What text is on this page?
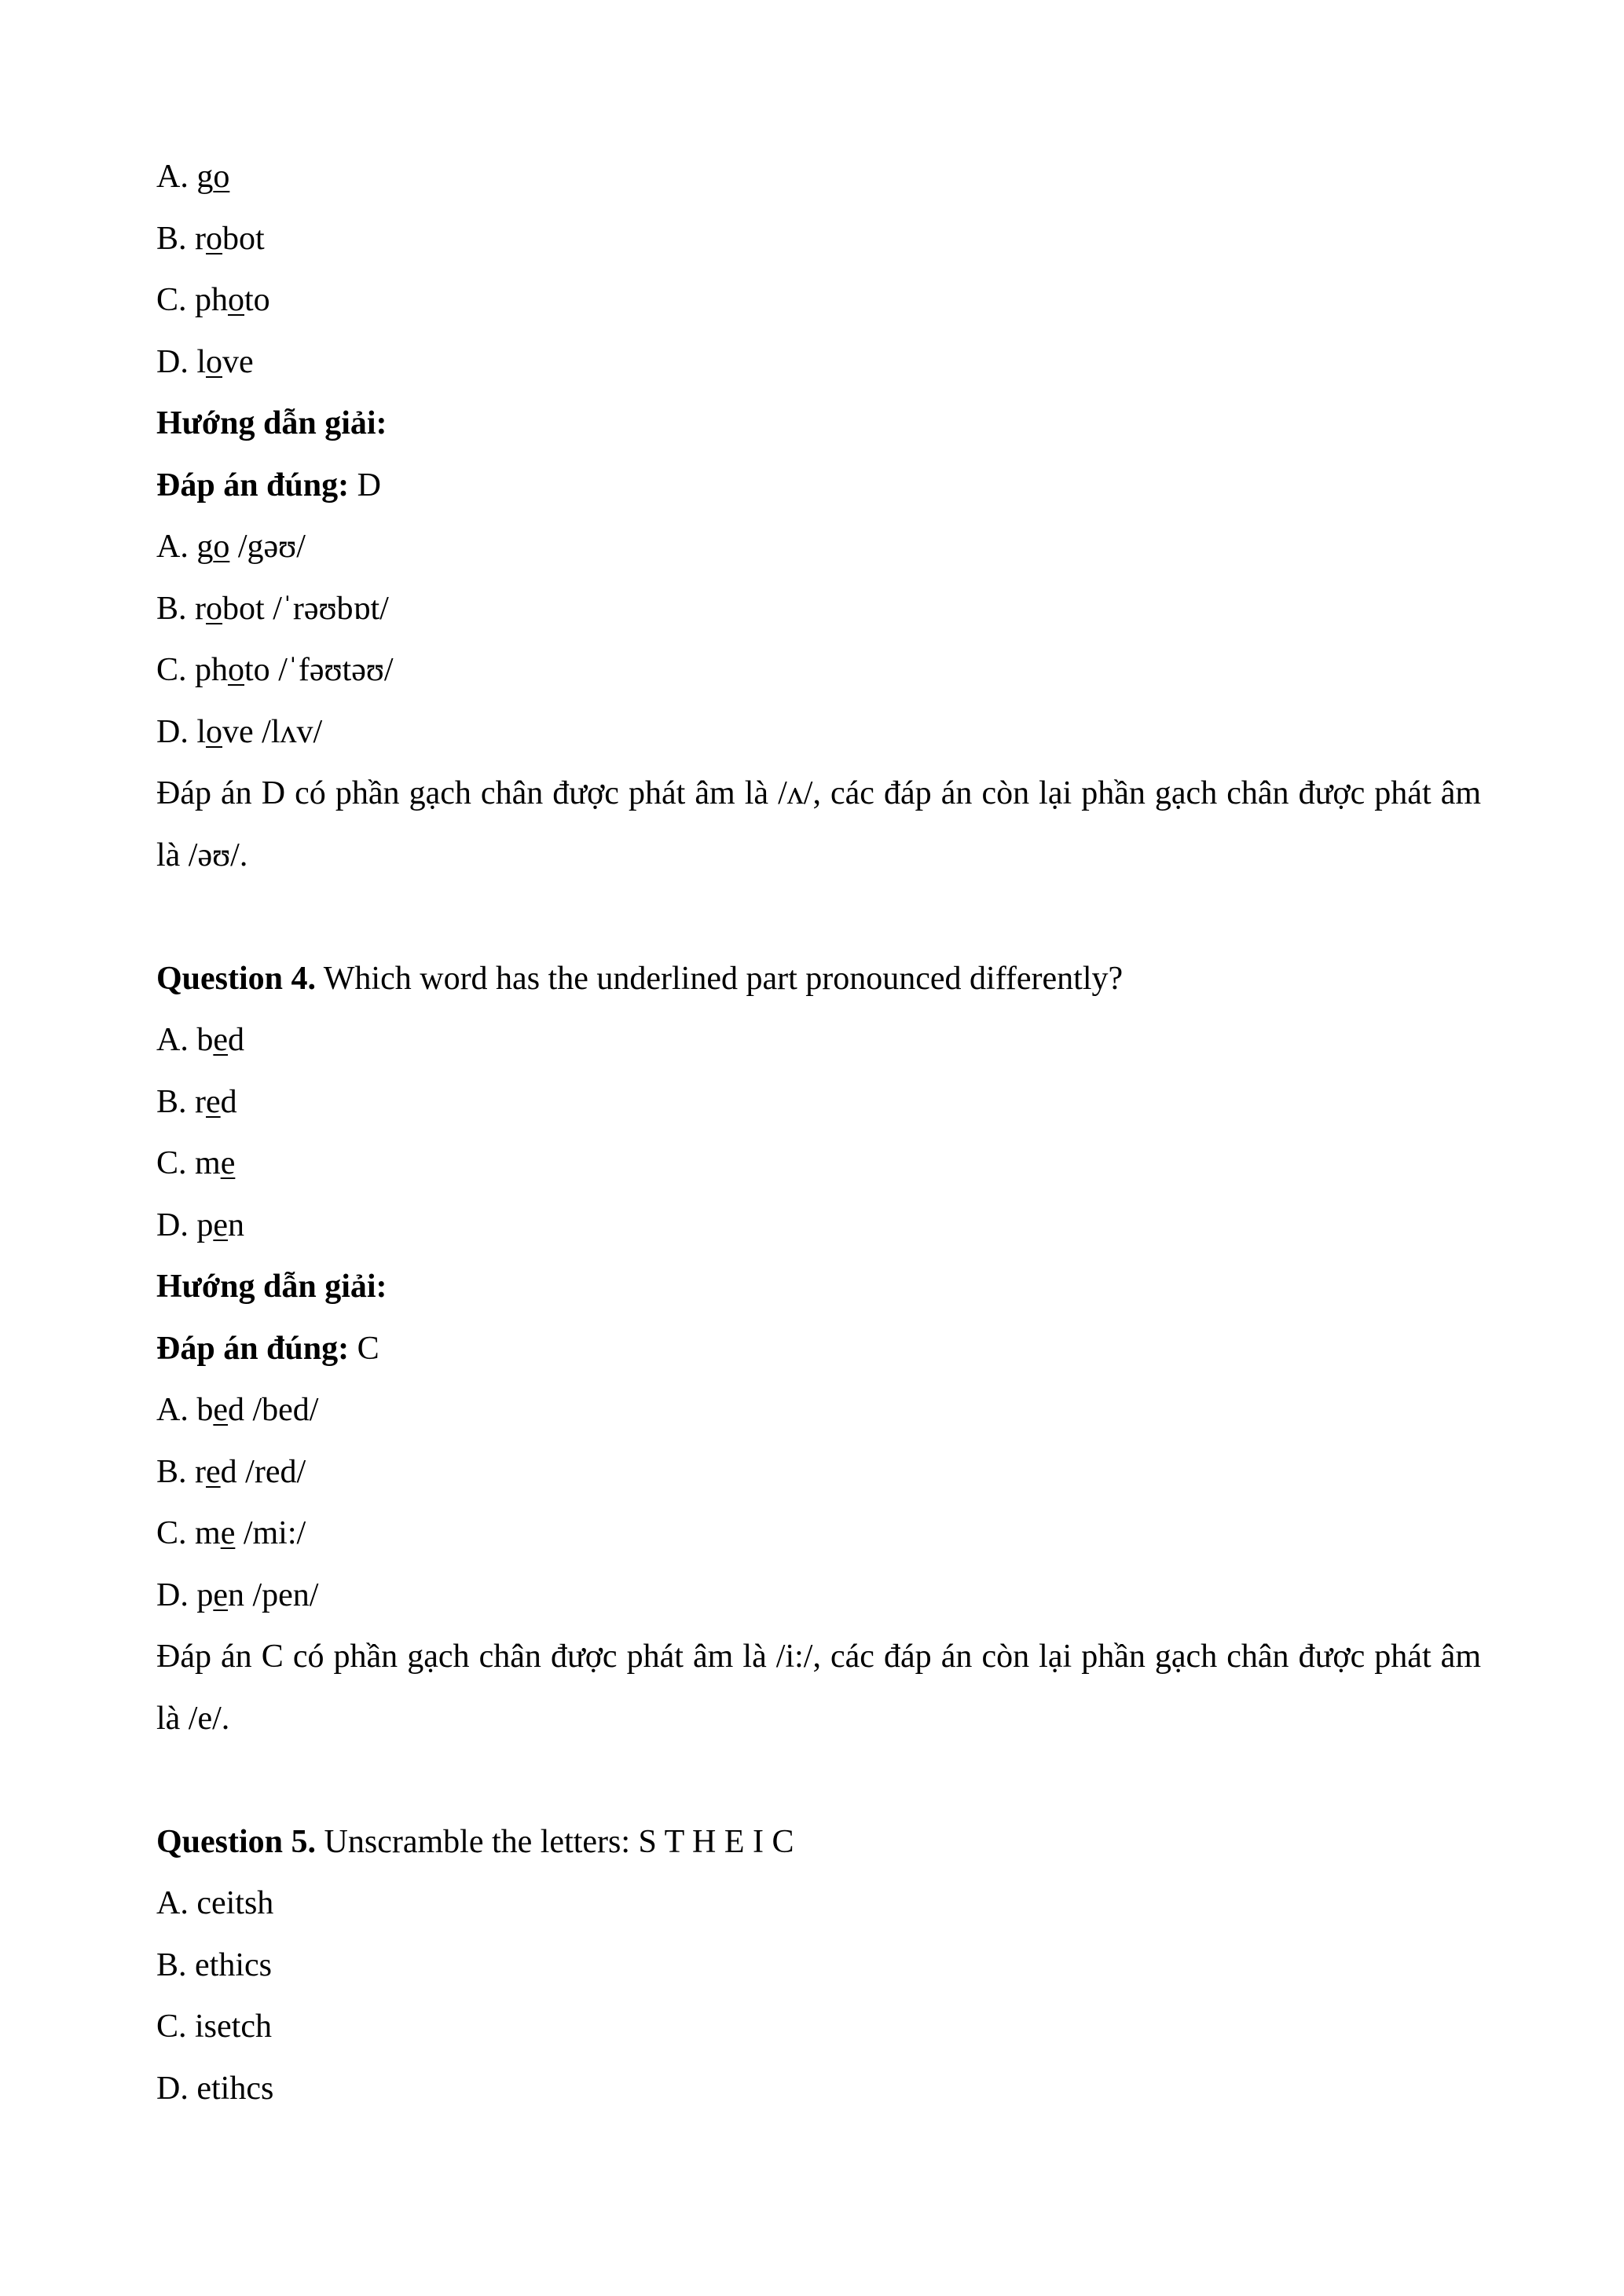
A. go
B. robot
C. photo
D. love
Hướng dẫn giải:
Đáp án đúng: D
A. go /gəʊ/
B. robot /ˈrəʊbɒt/
C. photo /ˈfəʊtəʊ/
D. love /lʌv/
Đáp án D có phần gạch chân được phát âm là /ʌ/, các đáp án còn lại phần gạch chân được phát âm là /əʊ/.
Question 4. Which word has the underlined part pronounced differently?
A. bed
B. red
C. me
D. pen
Hướng dẫn giải:
Đáp án đúng: C
A. bed /bed/
B. red /red/
C. me /mi:/
D. pen /pen/
Đáp án C có phần gạch chân được phát âm là /i:/, các đáp án còn lại phần gạch chân được phát âm là /e/.
Question 5. Unscramble the letters: S T H E I C
A. ceitsh
B. ethics
C. isetch
D. etihcs
